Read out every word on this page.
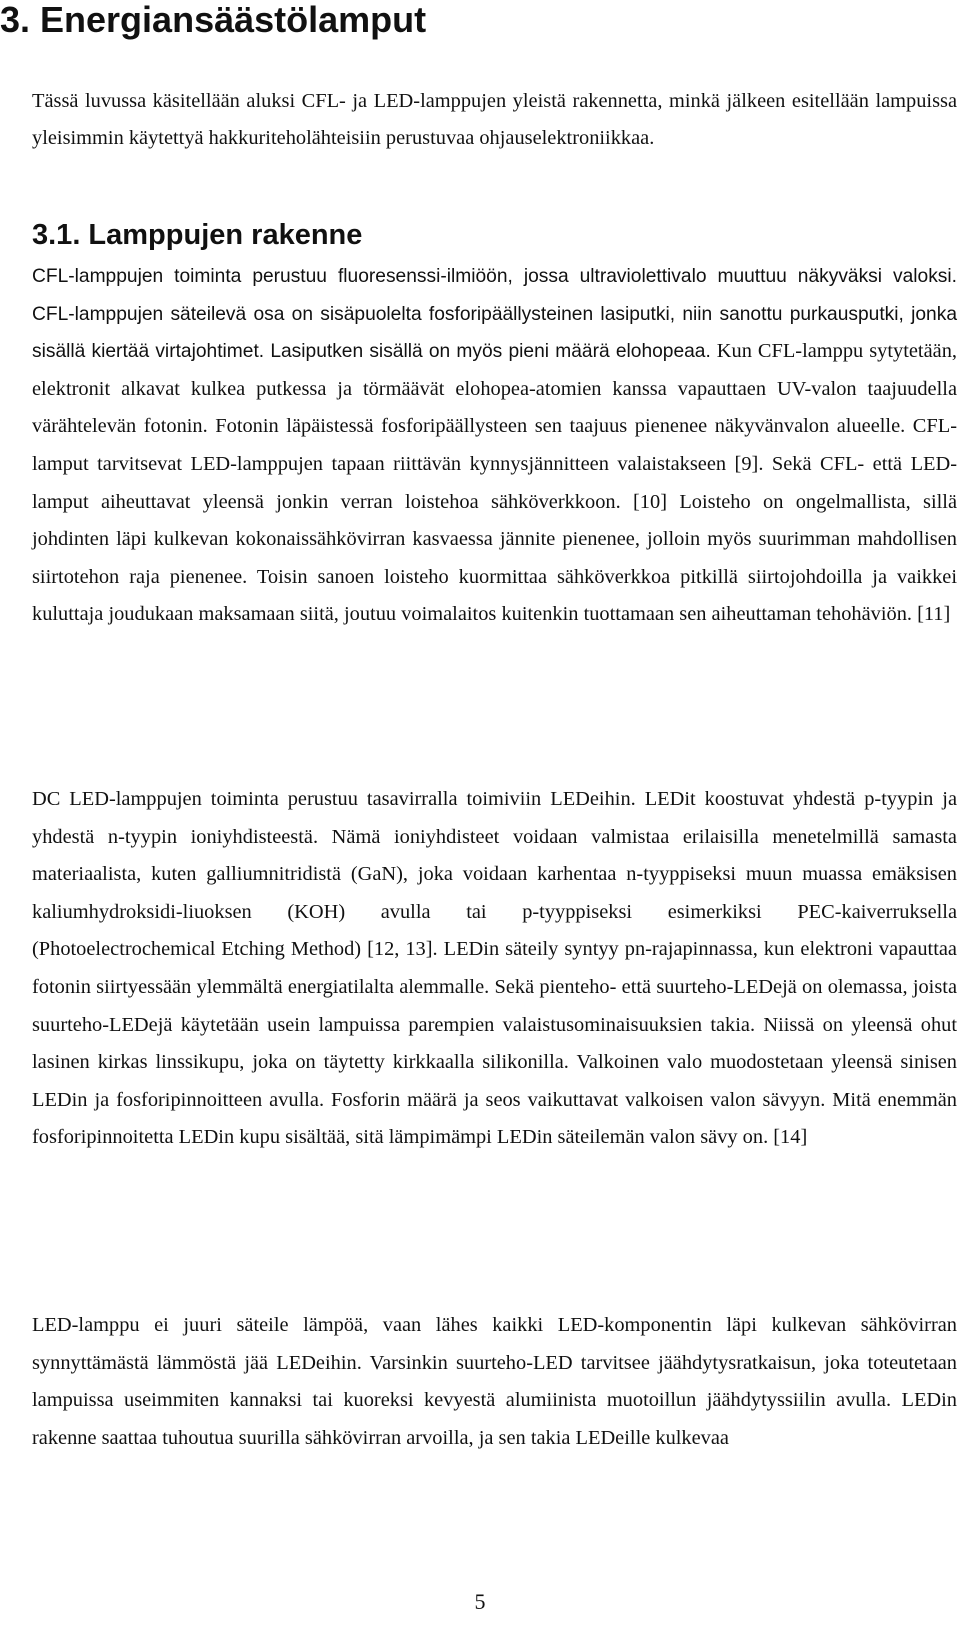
3. Energiansäästölamput

Tässä luvussa käsitellään aluksi CFL- ja LED-lamppujen yleistä rakennetta, minkä jälkeen esitellään lampuissa yleisimmin käytettyä hakkuriteholähteisiin perustuvaa ohjauselektroniikkaa.

3.1. Lamppujen rakenne

CFL-lamppujen toiminta perustuu fluoresenssi-ilmiöön, jossa ultraviolettivalo muuttuu näkyväksi valoksi. CFL-lamppujen säteilevä osa on sisäpuolelta fosforipäällysteinen lasiputki, niin sanottu purkausputki, jonka sisällä kiertää virtajohtimet. Lasiputken sisällä on myös pieni määrä elohopeaa. Kun CFL-lamppu sytytetään, elektronit alkavat kulkea putkessa ja törmäävät elohopea-atomien kanssa vapauttaen UV-valon taajuudella värähtelevän fotonin. Fotonin läpäistessä fosforipäällysteen sen taajuus pienenee näkyvänvalon alueelle. CFL-lamput tarvitsevat LED-lamppujen tapaan riittävän kynnysjännitteen valaistakseen [9]. Sekä CFL- että LED-lamput aiheuttavat yleensä jonkin verran loistehoa sähköverkkoon. [10] Loisteho on ongelmallista, sillä johdinten läpi kulkevan kokonaissähkövirran kasvaessa jännite pienenee, jolloin myös suurimman mahdollisen siirtotehon raja pienenee. Toisin sanoen loisteho kuormittaa sähköverkkoa pitkillä siirtojohdoilla ja vaikkei kuluttaja joudukaan maksamaan siitä, joutuu voimalaitos kuitenkin tuottamaan sen aiheuttaman tehohäviön. [11]

DC LED-lamppujen toiminta perustuu tasavirralla toimiviin LEDeihin. LEDit koostuvat yhdestä p-tyypin ja yhdestä n-tyypin ioniyhdisteestä. Nämä ioniyhdisteet voidaan valmistaa erilaisilla menetelmillä samasta materiaalista, kuten galliumnitridistä (GaN), joka voidaan karhentaa n-tyyppiseksi muun muassa emäksisen kaliumhydroksidi-liuoksen (KOH) avulla tai p-tyyppiseksi esimerkiksi PEC-kaiverruksella (Photoelectrochemical Etching Method) [12, 13]. LEDin säteily syntyy pn-rajapinnassa, kun elektroni vapauttaa fotonin siirtyessään ylemmältä energiatilalta alemmalle. Sekä pienteho- että suurteho-LEDejä on olemassa, joista suurteho-LEDejä käytetään usein lampuissa parempien valaistusominaisuuksien takia. Niissä on yleensä ohut lasinen kirkas linssikupu, joka on täytetty kirkkaalla silikonilla. Valkoinen valo muodostetaan yleensä sinisen LEDin ja fosforipinnoitteen avulla. Fosforin määrä ja seos vaikuttavat valkoisen valon sävyyn. Mitä enemmän fosforipinnoitetta LEDin kupu sisältää, sitä lämpimämpi LEDin säteilemän valon sävy on. [14]

LED-lamppu ei juuri säteile lämpöä, vaan lähes kaikki LED-komponentin läpi kulkevan sähkövirran synnyttämästä lämmöstä jää LEDeihin. Varsinkin suurteho-LED tarvitsee jäähdytysratkaisun, joka toteutetaan lampuissa useimmiten kannaksi tai kuoreksi kevyestä alumiinista muotoillun jäähdytyssiilin avulla. LEDin rakenne saattaa tuhoutua suurilla sähkövirran arvoilla, ja sen takia LEDeille kulkevaa

5
